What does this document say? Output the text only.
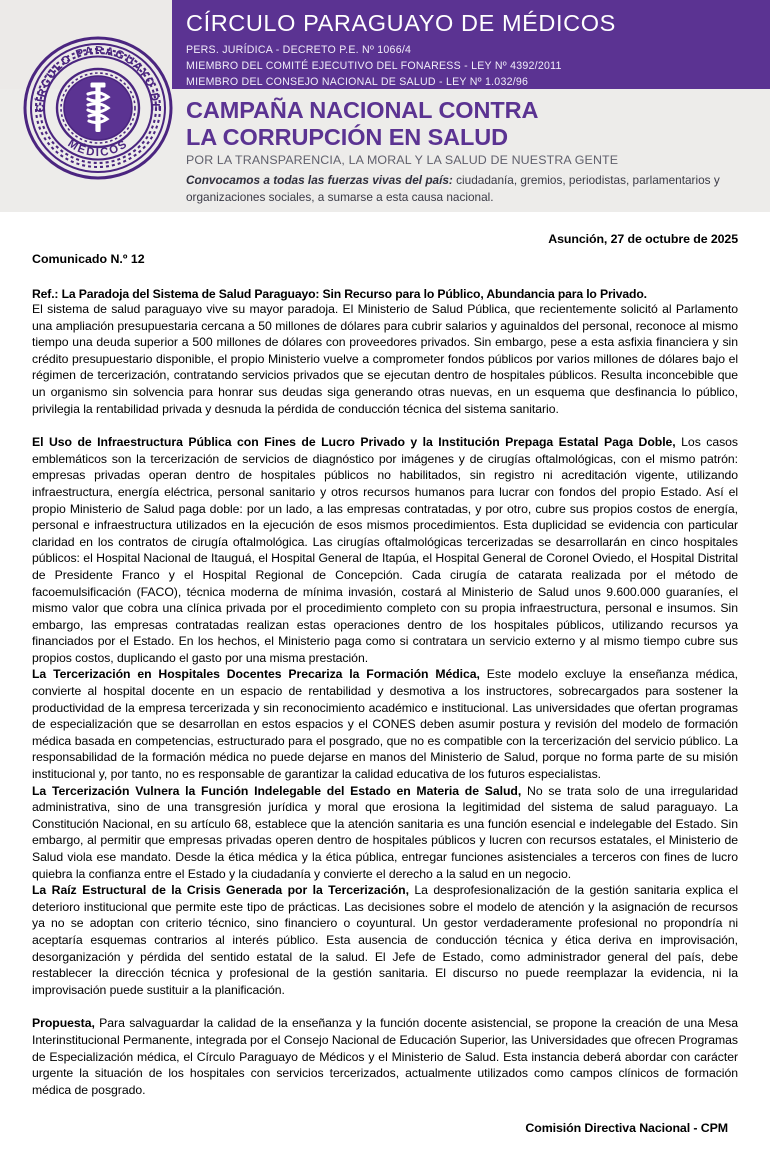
CÍRCULO PARAGUAYO DE
MÉDICOS
CÍRCULO PARAGUAYO DE MÉDICOS
PERS. JURÍDICA - DECRETO P.E. Nº 1066/4
MIEMBRO DEL COMITÉ EJECUTIVO DEL FONARESS - LEY Nº 4392/2011
MIEMBRO DEL CONSEJO NACIONAL DE SALUD - LEY Nº 1.032/96
CAMPAÑA NACIONAL CONTRA
LA CORRUPCIÓN EN SALUD
POR LA TRANSPARENCIA, LA MORAL Y LA SALUD DE NUESTRA GENTE
Convocamos a todas las fuerzas vivas del país: ciudadanía, gremios, periodistas, parlamentarios y organizaciones sociales, a sumarse a esta causa nacional.
Asunción, 27 de octubre de 2025
Comunicado N.º 12
Ref.: La Paradoja del Sistema de Salud Paraguayo: Sin Recurso para lo Público, Abundancia para lo Privado.

El sistema de salud paraguayo vive su mayor paradoja. El Ministerio de Salud Pública, que recientemente solicitó al Parlamento una ampliación presupuestaria cercana a 50 millones de dólares para cubrir salarios y aguinaldos del personal, reconoce al mismo tiempo una deuda superior a 500 millones de dólares con proveedores privados. Sin embargo, pese a esta asfixia financiera y sin crédito presupuestario disponible, el propio Ministerio vuelve a comprometer fondos públicos por varios millones de dólares bajo el régimen de tercerización, contratando servicios privados que se ejecutan dentro de hospitales públicos. Resulta inconcebible que un organismo sin solvencia para honrar sus deudas siga generando otras nuevas, en un esquema que desfinancia lo público, privilegia la rentabilidad privada y desnuda la pérdida de conducción técnica del sistema sanitario.

El Uso de Infraestructura Pública con Fines de Lucro Privado y la Institución Prepaga Estatal Paga Doble, Los casos emblemáticos son la tercerización de servicios de diagnóstico por imágenes y de cirugías oftalmológicas, con el mismo patrón: empresas privadas operan dentro de hospitales públicos no habilitados, sin registro ni acreditación vigente, utilizando infraestructura, energía eléctrica, personal sanitario y otros recursos humanos para lucrar con fondos del propio Estado. Así el propio Ministerio de Salud paga doble: por un lado, a las empresas contratadas, y por otro, cubre sus propios costos de energía, personal e infraestructura utilizados en la ejecución de esos mismos procedimientos. Esta duplicidad se evidencia con particular claridad en los contratos de cirugía oftalmológica. Las cirugías oftalmológicas tercerizadas se desarrollarán en cinco hospitales públicos: el Hospital Nacional de Itauguá, el Hospital General de Itapúa, el Hospital General de Coronel Oviedo, el Hospital Distrital de Presidente Franco y el Hospital Regional de Concepción. Cada cirugía de catarata realizada por el método de facoemulsificación (FACO), técnica moderna de mínima invasión, costará al Ministerio de Salud unos 9.600.000 guaraníes, el mismo valor que cobra una clínica privada por el procedimiento completo con su propia infraestructura, personal e insumos. Sin embargo, las empresas contratadas realizan estas operaciones dentro de los hospitales públicos, utilizando recursos ya financiados por el Estado. En los hechos, el Ministerio paga como si contratara un servicio externo y al mismo tiempo cubre sus propios costos, duplicando el gasto por una misma prestación.

La Tercerización en Hospitales Docentes Precariza la Formación Médica, Este modelo excluye la enseñanza médica, convierte al hospital docente en un espacio de rentabilidad y desmotiva a los instructores, sobrecargados para sostener la productividad de la empresa tercerizada y sin reconocimiento académico e institucional. Las universidades que ofertan programas de especialización que se desarrollan en estos espacios y el CONES deben asumir postura y revisión del modelo de formación médica basada en competencias, estructurado para el posgrado, que no es compatible con la tercerización del servicio público. La responsabilidad de la formación médica no puede dejarse en manos del Ministerio de Salud, porque no forma parte de su misión institucional y, por tanto, no es responsable de garantizar la calidad educativa de los futuros especialistas.

La Tercerización Vulnera la Función Indelegable del Estado en Materia de Salud, No se trata solo de una irregularidad administrativa, sino de una transgresión jurídica y moral que erosiona la legitimidad del sistema de salud paraguayo. La Constitución Nacional, en su artículo 68, establece que la atención sanitaria es una función esencial e indelegable del Estado. Sin embargo, al permitir que empresas privadas operen dentro de hospitales públicos y lucren con recursos estatales, el Ministerio de Salud viola ese mandato. Desde la ética médica y la ética pública, entregar funciones asistenciales a terceros con fines de lucro quiebra la confianza entre el Estado y la ciudadanía y convierte el derecho a la salud en un negocio.

La Raíz Estructural de la Crisis Generada por la Tercerización, La desprofesionalización de la gestión sanitaria explica el deterioro institucional que permite este tipo de prácticas. Las decisiones sobre el modelo de atención y la asignación de recursos ya no se adoptan con criterio técnico, sino financiero o coyuntural. Un gestor verdaderamente profesional no propondría ni aceptaría esquemas contrarios al interés público. Esta ausencia de conducción técnica y ética deriva en improvisación, desorganización y pérdida del sentido estatal de la salud. El Jefe de Estado, como administrador general del país, debe restablecer la dirección técnica y profesional de la gestión sanitaria. El discurso no puede reemplazar la evidencia, ni la improvisación puede sustituir a la planificación.

Propuesta, Para salvaguardar la calidad de la enseñanza y la función docente asistencial, se propone la creación de una Mesa Interinstitucional Permanente, integrada por el Consejo Nacional de Educación Superior, las Universidades que ofrecen Programas de Especialización médica, el Círculo Paraguayo de Médicos y el Ministerio de Salud. Esta instancia deberá abordar con carácter urgente la situación de los hospitales con servicios tercerizados, actualmente utilizados como campos clínicos de formación médica de posgrado.

Comisión Directiva Nacional - CPM
